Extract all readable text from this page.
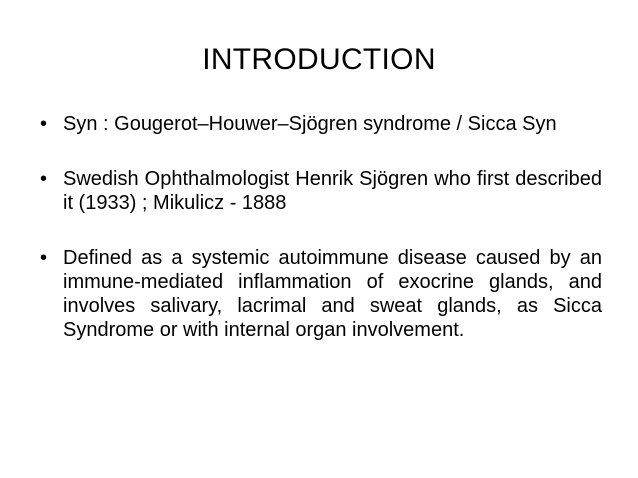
INTRODUCTION
• Syn : Gougerot–Houwer–Sjögren syndrome / Sicca Syn
• Swedish Ophthalmologist Henrik Sjögren who first described it (1933) ; Mikulicz - 1888
• Defined as a systemic autoimmune disease caused by an immune-mediated inflammation of exocrine glands, and involves salivary, lacrimal and sweat glands, as Sicca Syndrome or with internal organ involvement.
